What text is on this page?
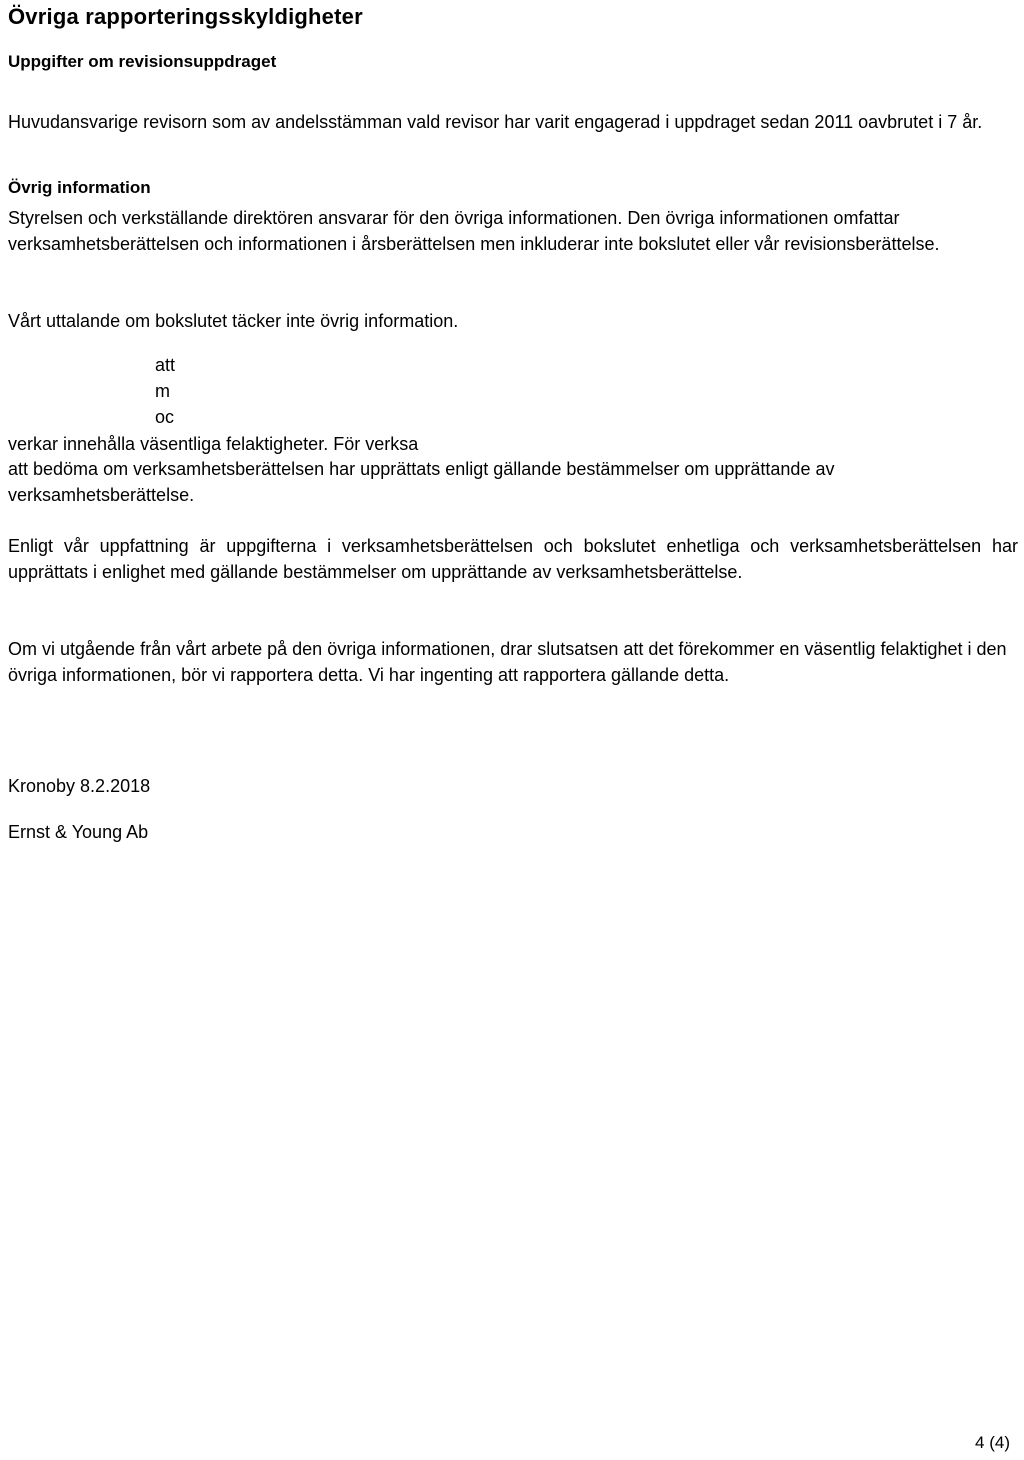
Övriga rapporteringsskyldigheter
Uppgifter om revisionsuppdraget

Huvudansvarige revisorn som av andelsstämman vald revisor har varit engagerad i uppdraget sedan 2011 oavbrutet i 7 år.

Övrig information

Styrelsen och verkställande direktören ansvarar för den övriga informationen. Den övriga informationen omfattar verksamhetsberättelsen och informationen i årsberättelsen men inkluderar inte bokslutet eller vår revisionsberättelse.

Vårt uttalande om bokslutet täcker inte övrig information.

att

m

oc

verkar innehålla väsentliga felaktigheter. För verksa

att bedöma om verksamhetsberättelsen har upprättats enligt gällande bestämmelser om upprättande av verksamhetsberättelse.

Enligt vår uppfattning är uppgifterna i verksamhetsberättelsen och bokslutet enhetliga och verksamhetsberättelsen har upprättats i enlighet med gällande bestämmelser om upprättande av verksamhetsberättelse.

Om vi utgående från vårt arbete på den övriga informationen, drar slutsatsen att det förekommer en väsentlig felaktighet i den övriga informationen, bör vi rapportera detta. Vi har ingenting att rapportera gällande detta.

Kronoby 8.2.2018

Ernst & Young Ab

4 (4)
